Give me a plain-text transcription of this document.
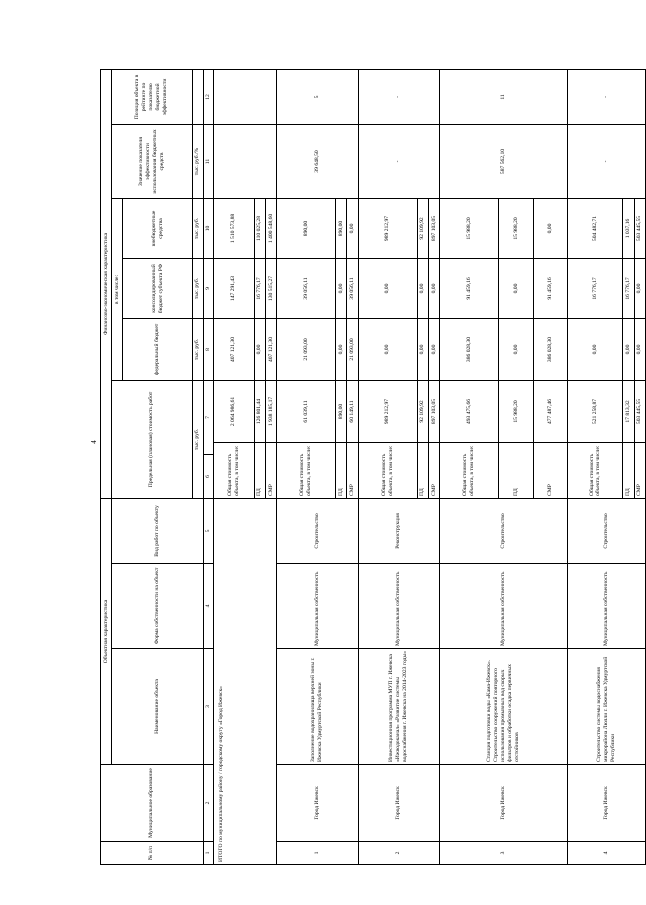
4
№ п/п	Муниципальное образование	Объектная характеристика			Финансово-экономическая характеристика							
		Наименование объекта	Форма собственности на объект	Вид работ по объекту	Предельная (плановая) стоимость работ			в том числе:			Значение показателя эффективности использования бюджетных средств	Позиция объекта в рейтинге по показателю бюджетной эффективности
								федеральный бюджет	консолидированный бюджет субъекта РФ	внебюджетные средства		
					тыс. руб.			тыс. руб.	тыс. руб.	тыс. руб.	тыс. руб./%	
1	2	3	4	5	6	7		8	9	10	11	12
ИТОГО по муниципальному району / городскому округу «Город Ижевск»					Общая стоимость объекта, в том числе:		2 064 986,61	407 121,30	147 291,43	1 510 573,88		
					ПД		126 801,44	0,00	16 776,17	110 025,28		
					СМР		1 938 185,17	407 121,30	130 515,27	1 400 548,60		
1	Город Ижевск	Заполнение водохранилища верхней зоны г. Ижевска Удмуртской Республики	Муниципальная собственность	Строительство	Общая стоимость объекта, в том числе:		61 039,11	21 093,00	39 056,11	890,00	39 648,50	5
					ПД		890,00	0,00	0,00	890,00		
					СМР		60 149,11	21 093,00	39 056,11	0,00		
2	Город Ижевск	Инвестиционная программа МУП г. Ижевска «Ижводоканал» «Развитие системы водоснабжения г. Ижевска на 2014-2023 годы»	Муниципальная собственность	Реконструкция	Общая стоимость объекта, в том числе:		989 212,97	0,00	0,00	989 212,97	-	-
					ПД		92 109,92	0,00	0,00	92 109,92		
					СМР		897 103,05	0,00	0,00	897 103,05		
3	Город Ижевск	Станция подготовки воды «Кама-Ижевск». Строительство сооружений повторного использования промывных вод скорых фильтров и обработки осадка первичных отстойников	Муниципальная собственность	Строительство	Общая стоимость объекта, в том числе:		493 475,66	386 028,30	91 459,16	15 988,20	587 562,10	11
					ПД		15 988,20	0,00	0,00	15 988,20		
					СМР		477 487,46	386 028,30	91 459,16	0,00		
4	Город Ижевск	Строительство системы водоснабжения микрорайона Люлли г. Ижевска Удмуртской Республики	Муниципальная собственность	Строительство	Общая стоимость объекта, в том числе:		521 258,87	0,00	16 776,17	504 482,71	-	-
					ПД		17 813,32	0,00	16 776,17	1 037,16		
					СМР		503 445,55	0,00	0,00	503 445,55		
